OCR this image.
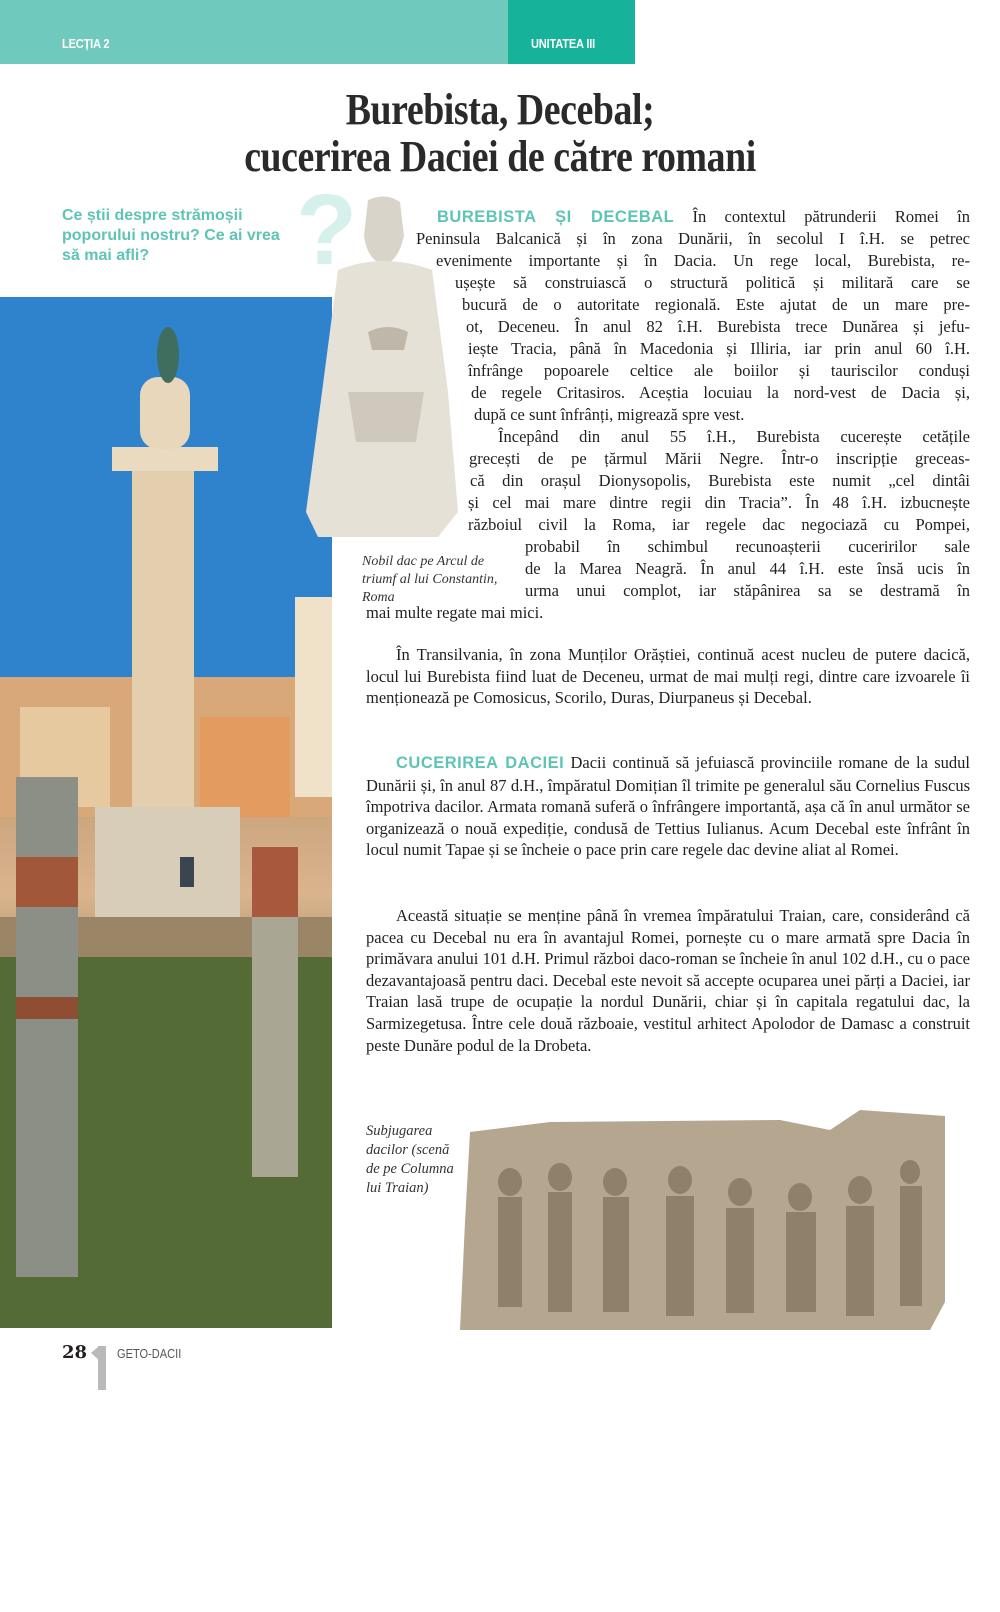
LECȚIA 2	UNITATEA III
Burebista, Decebal;
cucerirea Daciei de către romani
Ce știi despre strămoșii poporului nostru? Ce ai vrea să mai afli?	?
Columna lui Traian, Roma
Nobil dac pe Arcul de triumf al lui Constantin, Roma
BUREBISTA ȘI DECEBAL În contextul pătrunderii Romei în
Peninsula Balcanică și în zona Dunării, în secolul I î.H. se petrec
evenimente importante și în Dacia. Un rege local, Burebista, re-
ușește să construiască o structură politică și militară care se
bucură de o autoritate regională. Este ajutat de un mare pre-
ot, Deceneu. În anul 82 î.H. Burebista trece Dunărea și jefu-
iește Tracia, până în Macedonia și Illiria, iar prin anul 60 î.H.
înfrânge popoarele celtice ale boiilor și tauriscilor conduși
de regele Critasiros. Aceștia locuiau la nord-vest de Dacia și,
după ce sunt înfrânți, migrează spre vest.
Începând din anul 55 î.H., Burebista cucerește cetățile
grecești de pe țărmul Mării Negre. Într-o inscripție greceas-
că din orașul Dionysopolis, Burebista este numit „cel dintâi
și cel mai mare dintre regii din Tracia”. În 48 î.H. izbucnește
războiul civil la Roma, iar regele dac negociază cu Pompei,
probabil în schimbul recunoașterii cuceririlor sale
de la Marea Neagră. În anul 44 î.H. este însă ucis în
urma unui complot, iar stăpânirea sa se destramă în
mai multe regate mai mici.

În Transilvania, în zona Munților Orăștiei, continuă acest nucleu de putere dacică, locul lui Burebista fiind luat de Deceneu, urmat de mai mulți regi, dintre care izvoarele îi menționează pe Comosicus, Scorilo, Duras, Diurpaneus și Decebal.

CUCERIREA DACIEI Dacii continuă să jefuiască provinciile romane de la sudul Dunării și, în anul 87 d.H., împăratul Domițian îl trimite pe generalul său Cornelius Fuscus împotriva dacilor. Armata romană suferă o înfrângere importantă, așa că în anul următor se organizează o nouă expediție, condusă de Tettius Iulianus. Acum Decebal este înfrânt în locul numit Tapae și se încheie o pace prin care regele dac devine aliat al Romei.

Această situație se menține până în vremea împăratului Traian, care, considerând că pacea cu Decebal nu era în avantajul Romei, pornește cu o mare armată spre Dacia în primăvara anului 101 d.H. Primul război daco-roman se încheie în anul 102 d.H., cu o pace dezavantajoasă pentru daci. Decebal este nevoit să accepte ocuparea unei părți a Daciei, iar Traian lasă trupe de ocupație la nordul Dunării, chiar și în capitala regatului dac, la Sarmizegetusa. Între cele două războaie, vestitul arhitect Apolodor de Damasc a construit peste Dunăre podul de la Drobeta.

Subjugarea dacilor (scenă de pe Columna lui Traian)
28 GETO-DACII
